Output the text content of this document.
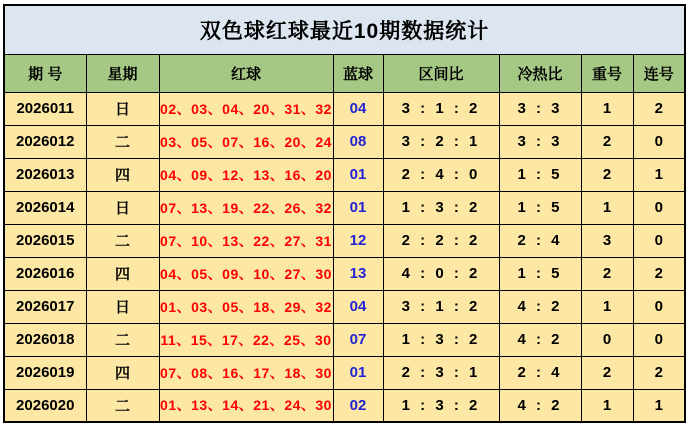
双色球红球最近10期数据统计							
期 号	星期	红球	蓝球	区间比	冷热比	重号	连号
2026011	日	02、03、04、20、31、32	04	3 : 1 : 2	3 : 3	1	2
2026012	二	03、05、07、16、20、24	08	3 : 2 : 1	3 : 3	2	0
2026013	四	04、09、12、13、16、20	01	2 : 4 : 0	1 : 5	2	1
2026014	日	07、13、19、22、26、32	01	1 : 3 : 2	1 : 5	1	0
2026015	二	07、10、13、22、27、31	12	2 : 2 : 2	2 : 4	3	0
2026016	四	04、05、09、10、27、30	13	4 : 0 : 2	1 : 5	2	2
2026017	日	01、03、05、18、29、32	04	3 : 1 : 2	4 : 2	1	0
2026018	二	11、15、17、22、25、30	07	1 : 3 : 2	4 : 2	0	0
2026019	四	07、08、16、17、18、30	01	2 : 3 : 1	2 : 4	2	2
2026020	二	01、13、14、21、24、30	02	1 : 3 : 2	4 : 2	1	1
